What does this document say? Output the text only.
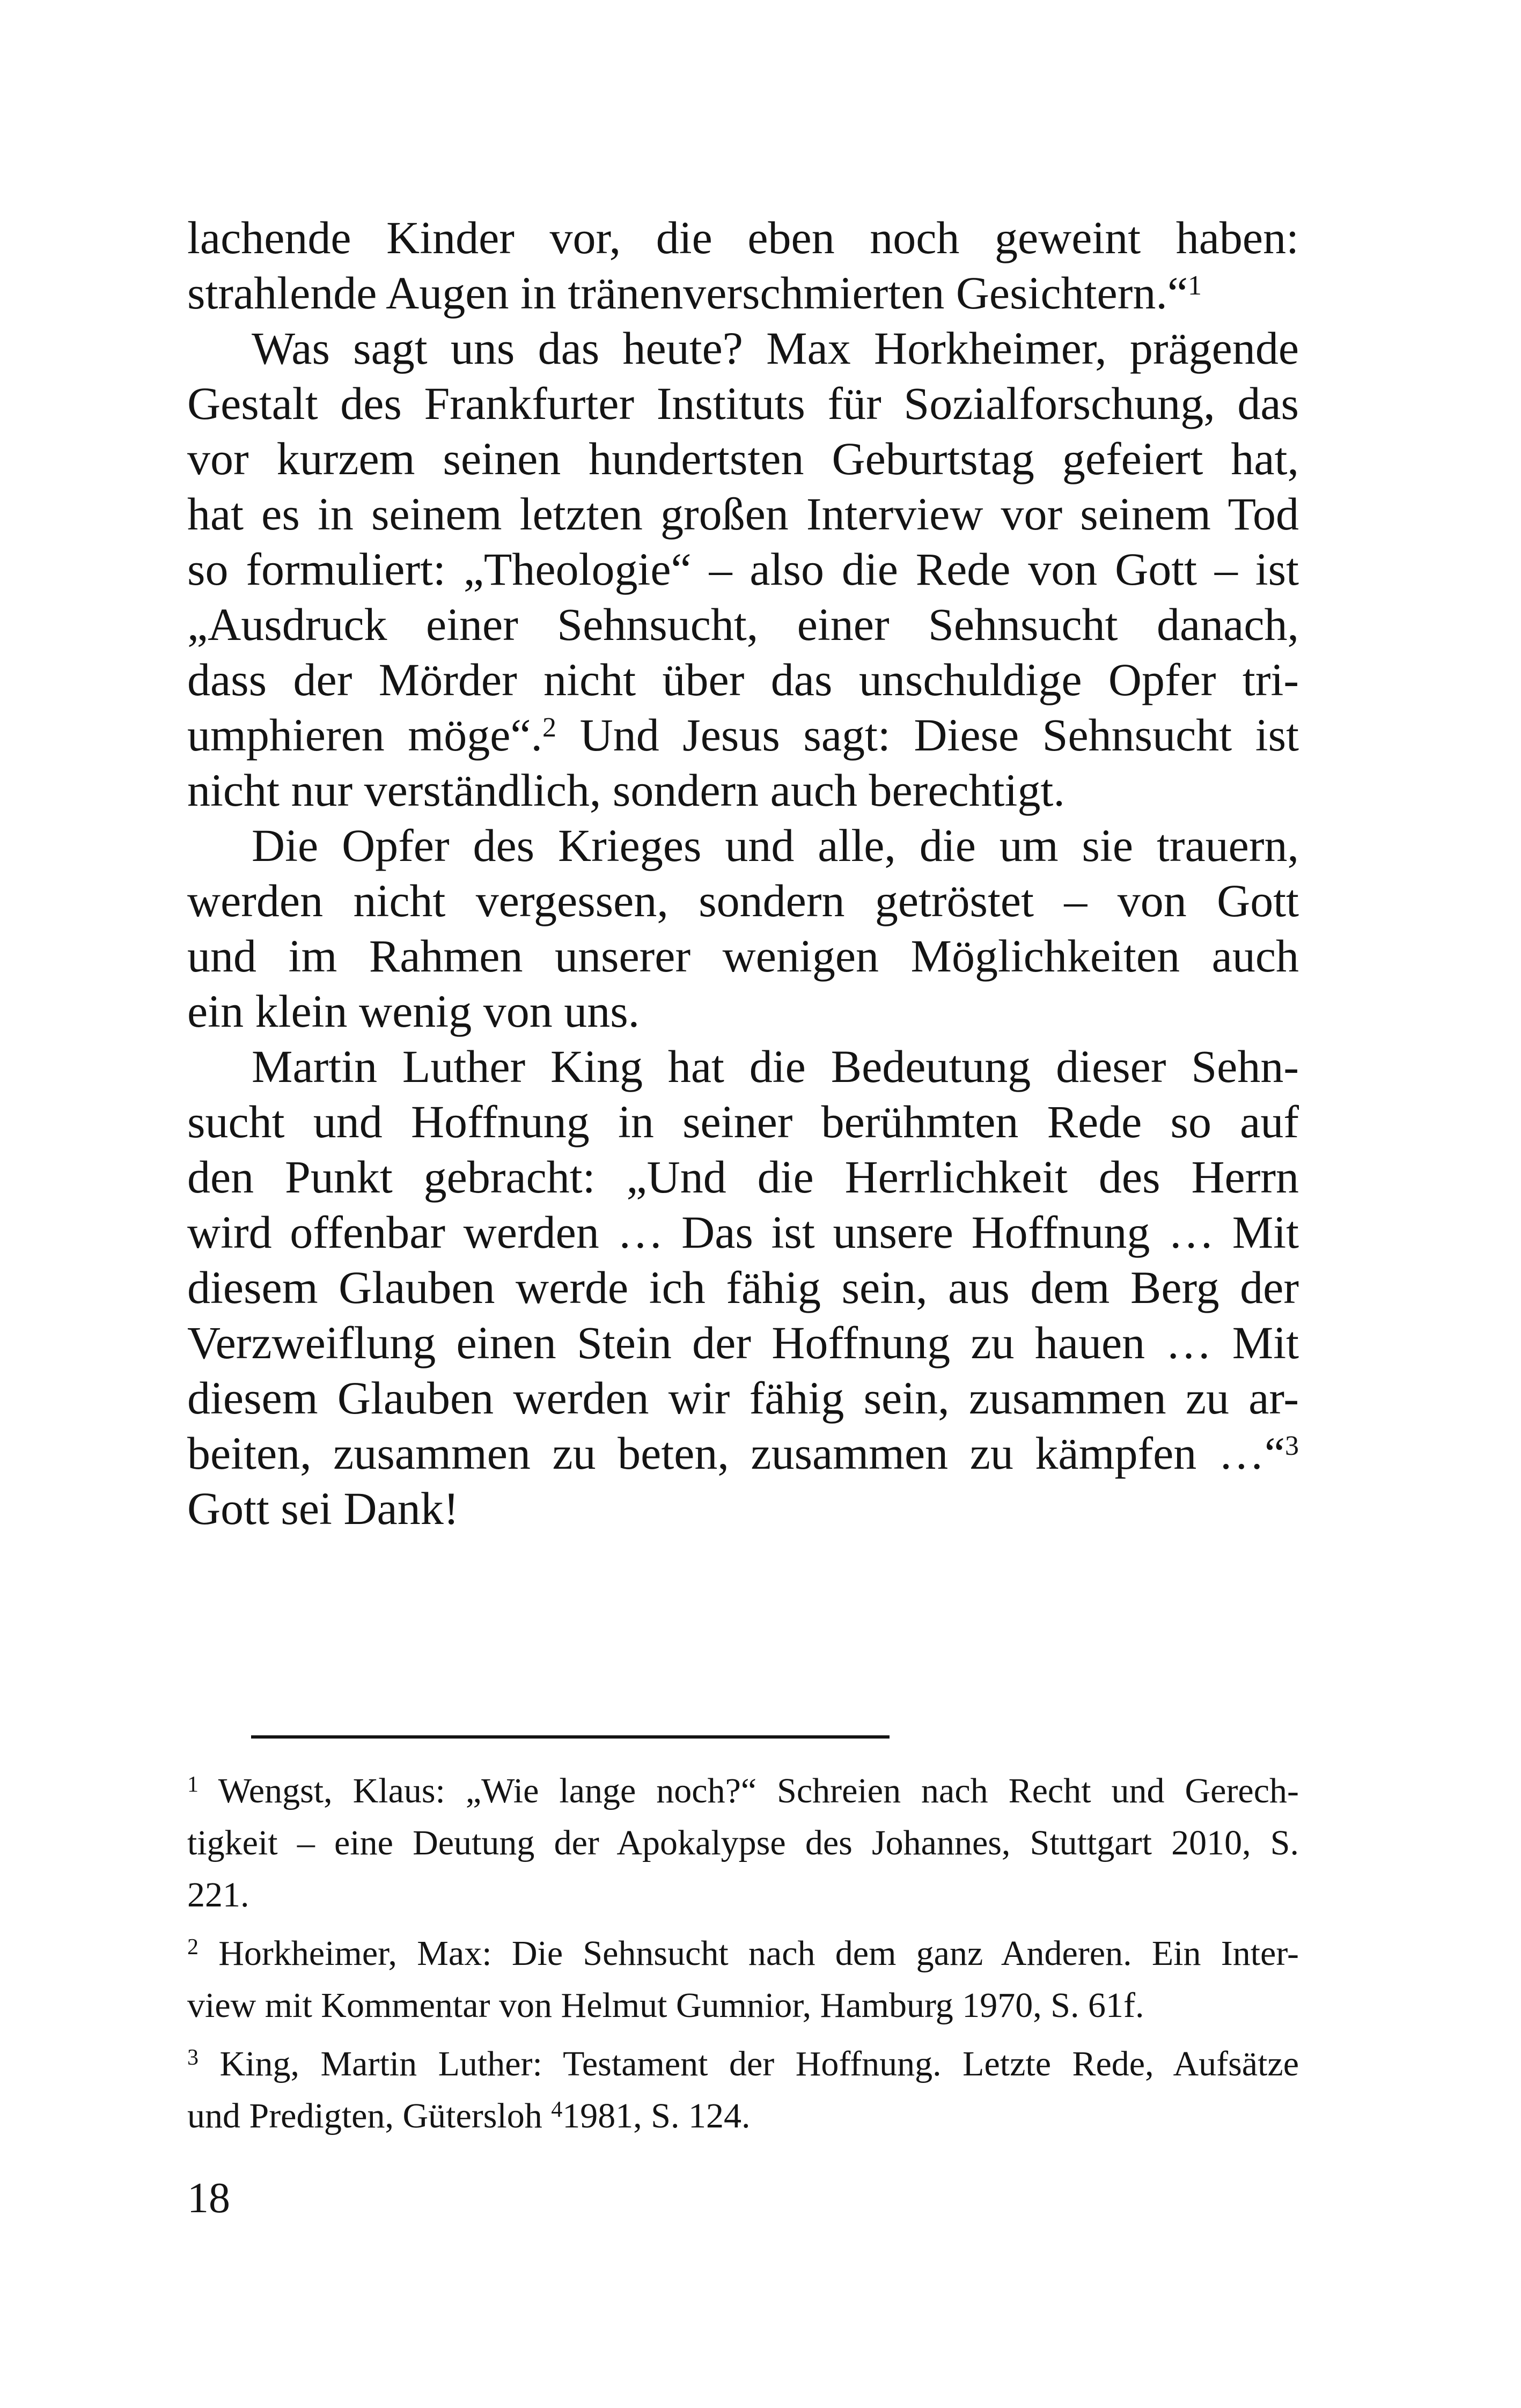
lachende Kinder vor, die eben noch geweint haben:
strahlende Augen in tränenverschmierten Gesichtern.“$^1$

Was sagt uns das heute? Max Horkheimer, prägende
Gestalt des Frankfurter Instituts für Sozialforschung, das
vor kurzem seinen hundertsten Geburtstag gefeiert hat,
hat es in seinem letzten großen Interview vor seinem Tod
so formuliert: „Theologie“ – also die Rede von Gott – ist
„Ausdruck einer Sehnsucht, einer Sehnsucht danach,
dass der Mörder nicht über das unschuldige Opfer tri-
umphieren möge“.$^2$ Und Jesus sagt: Diese Sehnsucht ist
nicht nur verständlich, sondern auch berechtigt.

Die Opfer des Krieges und alle, die um sie trauern,
werden nicht vergessen, sondern getröstet – von Gott
und im Rahmen unserer wenigen Möglichkeiten auch
ein klein wenig von uns.

Martin Luther King hat die Bedeutung dieser Sehn-
sucht und Hoffnung in seiner berühmten Rede so auf
den Punkt gebracht: „Und die Herrlichkeit des Herrn
wird offenbar werden … Das ist unsere Hoffnung … Mit
diesem Glauben werde ich fähig sein, aus dem Berg der
Verzweiflung einen Stein der Hoffnung zu hauen … Mit
diesem Glauben werden wir fähig sein, zusammen zu ar-
beiten, zusammen zu beten, zusammen zu kämpfen …“$^3$
Gott sei Dank!

$^1$ Wengst, Klaus: „Wie lange noch?“ Schreien nach Recht und Gerech-
tigkeit – eine Deutung der Apokalypse des Johannes, Stuttgart 2010, S.
221.
$^2$ Horkheimer, Max: Die Sehnsucht nach dem ganz Anderen. Ein Inter-
view mit Kommentar von Helmut Gumnior, Hamburg 1970, S. 61f.
$^3$ King, Martin Luther: Testament der Hoffnung. Letzte Rede, Aufsätze
und Predigten, Gütersloh $^4$1981, S. 124.
18
